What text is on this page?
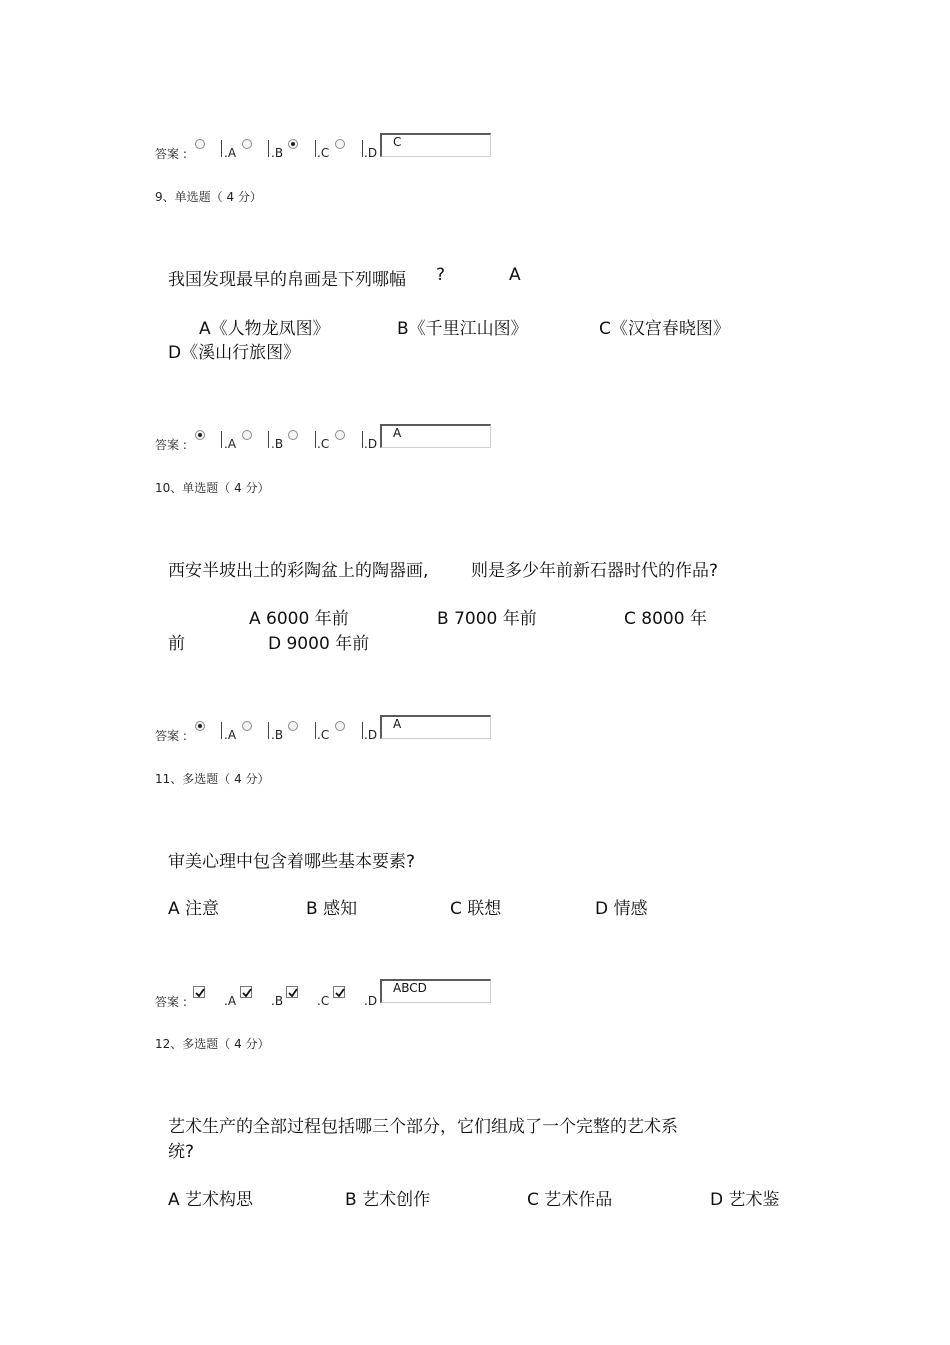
答案 :	.A	.B	.C	.D
C
9、单选题（ 4 分）
我国发现最早的帛画是下列哪幅 ?	A
A《人物龙凤图》	B《千里江山图》	C《汉宫春晓图》
D《溪山行旅图》
答案 :	.A	.B	.C	.D
A
10、单选题（ 4 分）
西安半坡出土的彩陶盆上的陶器画,	则是多少年前新石器时代的作品?
A 6000 年前	B 7000 年前	C 8000 年
前	D 9000 年前
答案 :	.A	.B	.C	.D
A
11、多选题（ 4 分）
审美心理中包含着哪些基本要素?
A 注意	B 感知	C 联想	D 情感
答案 :	.A	.B	.C	.D
ABCD
12、多选题（ 4 分）
艺术生产的全部过程包括哪三个部分，它们组成了一个完整的艺术系
统?
A 艺术构思	B 艺术创作	C 艺术作品	D 艺术鉴
